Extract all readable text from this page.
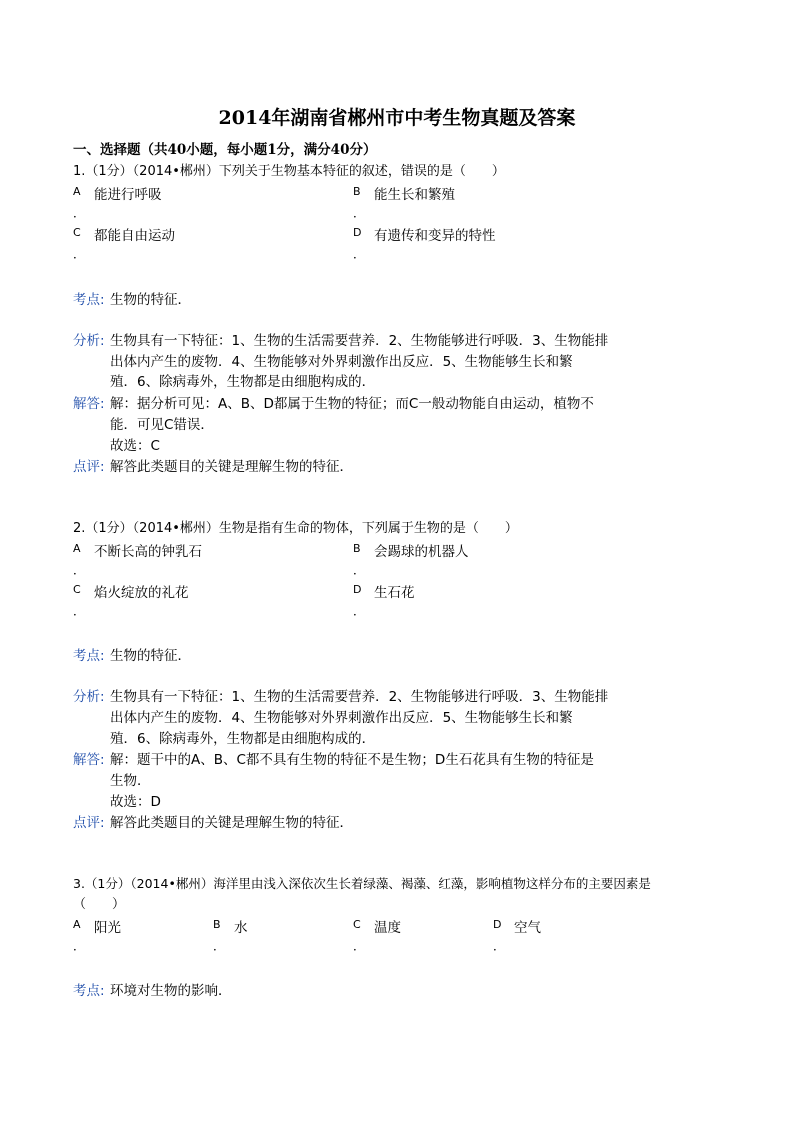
2014年湖南省郴州市中考生物真题及答案
一、选择题（共40小题，每小题1分，满分40分）
1.（1分）（2014•郴州）下列关于生物基本特征的叙述，错误的是（　　）
A 能进行呼吸
．
B 能生长和繁殖
．
C 都能自由运动
．
D 有遗传和变异的特性
．
考点: 生物的特征．
分析: 生物具有一下特征：1、生物的生活需要营养．2、生物能够进行呼吸．3、生物能排
出体内产生的废物．4、生物能够对外界刺激作出反应．5、生物能够生长和繁
殖．6、除病毒外，生物都是由细胞构成的．
解答: 解：据分析可见：A、B、D都属于生物的特征；而C一般动物能自由运动，植物不
能．可见C错误．
故选：C
点评: 解答此类题目的关键是理解生物的特征．
2.（1分）（2014•郴州）生物是指有生命的物体，下列属于生物的是（　　）
A 不断长高的钟乳石
．
B 会踢球的机器人
．
C 焰火绽放的礼花
．
D 生石花
．
考点: 生物的特征．
分析: 生物具有一下特征：1、生物的生活需要营养．2、生物能够进行呼吸．3、生物能排
出体内产生的废物．4、生物能够对外界刺激作出反应．5、生物能够生长和繁
殖．6、除病毒外，生物都是由细胞构成的．
解答: 解：题干中的A、B、C都不具有生物的特征不是生物；D生石花具有生物的特征是
生物．
故选：D
点评: 解答此类题目的关键是理解生物的特征．
3.（1分）（2014•郴州）海洋里由浅入深依次生长着绿藻、褐藻、红藻，影响植物这样分布的主要因素是
（　　）
A 阳光
．
B 水
．
C 温度
．
D 空气
．
考点: 环境对生物的影响．
